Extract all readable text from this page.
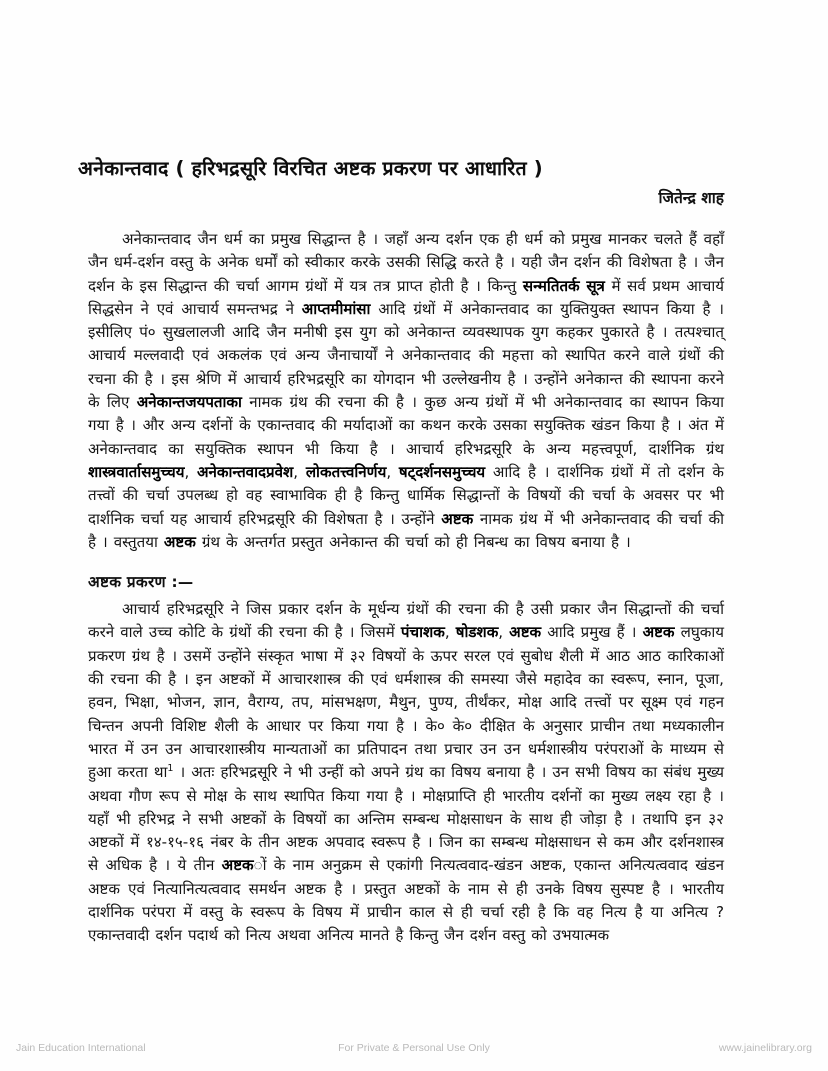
अनेकान्तवाद ( हरिभद्रसूरि विरचित अष्टक प्रकरण पर आधारित )
जितेन्द्र शाह

अनेकान्तवाद जैन धर्म का प्रमुख सिद्धान्त है । जहाँ अन्य दर्शन एक ही धर्म को प्रमुख मानकर चलते हैं वहाँ जैन धर्म-दर्शन वस्तु के अनेक धर्मों को स्वीकार करके उसकी सिद्धि करते है । यही जैन दर्शन की विशेषता है । जैन दर्शन के इस सिद्धान्त की चर्चा आगम ग्रंथों में यत्र तत्र प्राप्त होती है । किन्तु सन्मतितर्क सूत्र में सर्व प्रथम आचार्य सिद्धसेन ने एवं आचार्य समन्तभद्र ने आप्तमीमांसा आदि ग्रंथों में अनेकान्तवाद का युक्तियुक्त स्थापन किया है । इसीलिए पं० सुखलालजी आदि जैन मनीषी इस युग को अनेकान्त व्यवस्थापक युग कहकर पुकारते है । तत्पश्चात् आचार्य मल्लवादी एवं अकलंक एवं अन्य जैनाचार्यों ने अनेकान्तवाद की महत्ता को स्थापित करने वाले ग्रंथों की रचना की है । इस श्रेणि में आचार्य हरिभद्रसूरि का योगदान भी उल्लेखनीय है । उन्होंने अनेकान्त की स्थापना करने के लिए अनेकान्तजयपताका नामक ग्रंथ की रचना की है । कुछ अन्य ग्रंथों में भी अनेकान्तवाद का स्थापन किया गया है । और अन्य दर्शनों के एकान्तवाद की मर्यादाओं का कथन करके उसका सयुक्तिक खंडन किया है । अंत में अनेकान्तवाद का सयुक्तिक स्थापन भी किया है । आचार्य हरिभद्रसूरि के अन्य महत्त्वपूर्ण, दार्शनिक ग्रंथ शास्त्रवार्तासमुच्चय, अनेकान्तवादप्रवेश, लोकतत्त्वनिर्णय, षट्दर्शनसमुच्चय आदि है । दार्शनिक ग्रंथों में तो दर्शन के तत्त्वों की चर्चा उपलब्ध हो वह स्वाभाविक ही है किन्तु धार्मिक सिद्धान्तों के विषयों की चर्चा के अवसर पर भी दार्शनिक चर्चा यह आचार्य हरिभद्रसूरि की विशेषता है । उन्होंने अष्टक नामक ग्रंथ में भी अनेकान्तवाद की चर्चा की है । वस्तुतया अष्टक ग्रंथ के अन्तर्गत प्रस्तुत अनेकान्त की चर्चा को ही निबन्ध का विषय बनाया है ।

अष्टक प्रकरण :—

आचार्य हरिभद्रसूरि ने जिस प्रकार दर्शन के मूर्धन्य ग्रंथों की रचना की है उसी प्रकार जैन सिद्धान्तों की चर्चा करने वाले उच्च कोटि के ग्रंथों की रचना की है । जिसमें पंचाशक, षोडशक, अष्टक आदि प्रमुख हैं । अष्टक लघुकाय प्रकरण ग्रंथ है । उसमें उन्होंने संस्कृत भाषा में ३२ विषयों के ऊपर सरल एवं सुबोध शैली में आठ आठ कारिकाओं की रचना की है । इन अष्टकों में आचारशास्त्र की एवं धर्मशास्त्र की समस्या जैसे महादेव का स्वरूप, स्नान, पूजा, हवन, भिक्षा, भोजन, ज्ञान, वैराग्य, तप, मांसभक्षण, मैथुन, पुण्य, तीर्थंकर, मोक्ष आदि तत्त्वों पर सूक्ष्म एवं गहन चिन्तन अपनी विशिष्ट शैली के आधार पर किया गया है । के० के० दीक्षित के अनुसार प्राचीन तथा मध्यकालीन भारत में उन उन आचारशास्त्रीय मान्यताओं का प्रतिपादन तथा प्रचार उन उन धर्मशास्त्रीय परंपराओं के माध्यम से हुआ करता था$^1$ । अतः हरिभद्रसूरि ने भी उन्हीं को अपने ग्रंथ का विषय बनाया है । उन सभी विषय का संबंध मुख्य अथवा गौण रूप से मोक्ष के साथ स्थापित किया गया है । मोक्षप्राप्ति ही भारतीय दर्शनों का मुख्य लक्ष्य रहा है । यहाँ भी हरिभद्र ने सभी अष्टकों के विषयों का अन्तिम सम्बन्ध मोक्षसाधन के साथ ही जोड़ा है । तथापि इन ३२ अष्टकों में १४-१५-१६ नंबर के तीन अष्टक अपवाद स्वरूप है । जिन का सम्बन्ध मोक्षसाधन से कम और दर्शनशास्त्र से अधिक है । ये तीन अष्टकों के नाम अनुक्रम से एकांगी नित्यत्ववाद-खंडन अष्टक, एकान्त अनित्यत्ववाद खंडन अष्टक एवं नित्यानित्यत्ववाद समर्थन अष्टक है । प्रस्तुत अष्टकों के नाम से ही उनके विषय सुस्पष्ट है । भारतीय दार्शनिक परंपरा में वस्तु के स्वरूप के विषय में प्राचीन काल से ही चर्चा रही है कि वह नित्य है या अनित्य ? एकान्तवादी दर्शन पदार्थ को नित्य अथवा अनित्य मानते है किन्तु जैन दर्शन वस्तु को उभयात्मक

Jain Education International	For Private & Personal Use Only	www.jainelibrary.org
